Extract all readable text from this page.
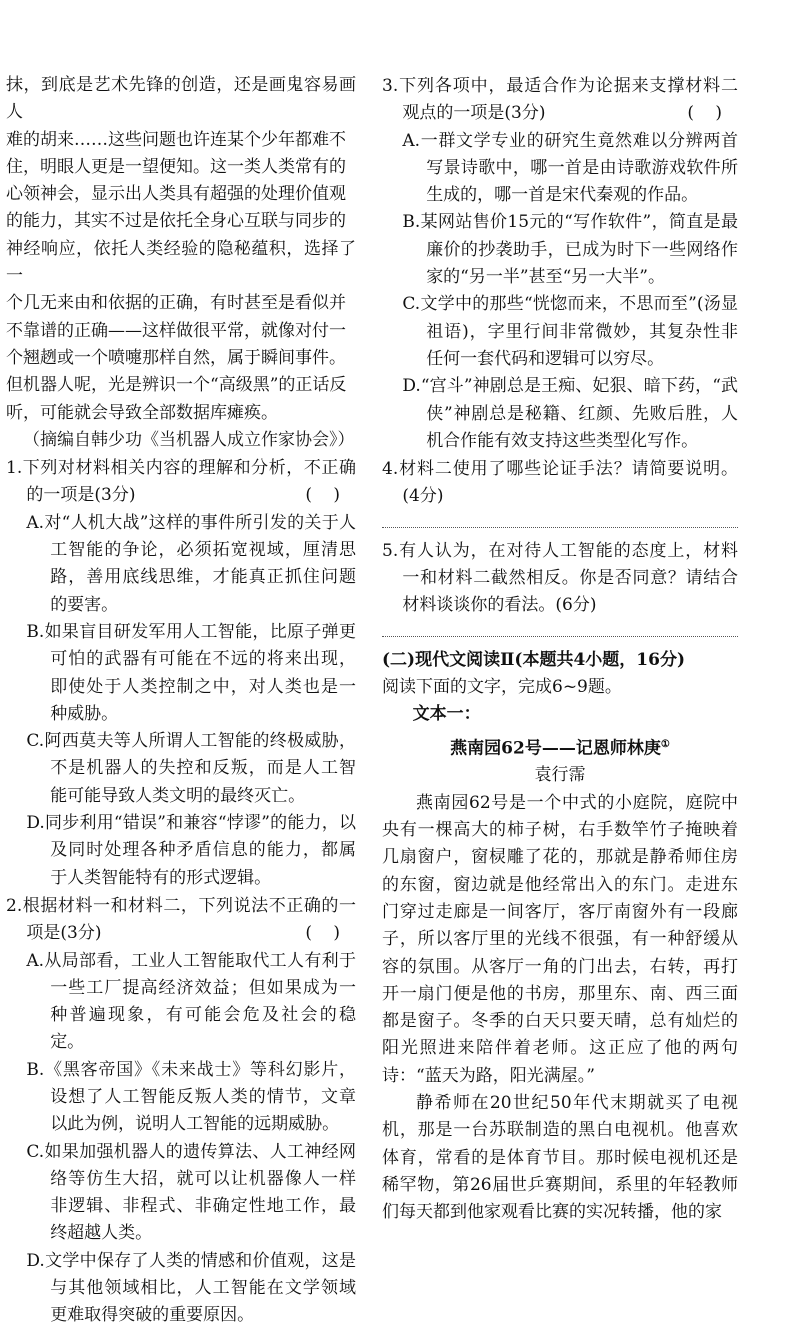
抹，到底是艺术先锋的创造，还是画鬼容易画人

难的胡来……这些问题也许连某个少年都难不

住，明眼人更是一望便知。这一类人类常有的

心领神会，显示出人类具有超强的处理价值观

的能力，其实不过是依托全身心互联与同步的

神经响应，依托人类经验的隐秘蕴积，选择了一

个几无来由和依据的正确，有时甚至是看似并

不靠谱的正确——这样做很平常，就像对付一

个翘趔或一个喷嚏那样自然，属于瞬间事件。

但机器人呢，光是辨识一个“高级黑”的正话反

听，可能就会导致全部数据库瘫痪。

（摘编自韩少功《当机器人成立作家协会》）

1.下列对材料相关内容的理解和分析，不正确的一项是(3分)	( )

A.对“人机大战”这样的事件所引发的关于人工智能的争论，必须拓宽视域，厘清思路，善用底线思维，才能真正抓住问题的要害。

B.如果盲目研发军用人工智能，比原子弹更可怕的武器有可能在不远的将来出现，即使处于人类控制之中，对人类也是一种威胁。

C.阿西莫夫等人所谓人工智能的终极威胁，不是机器人的失控和反叛，而是人工智能可能导致人类文明的最终灭亡。

D.同步利用“错误”和兼容“悖谬”的能力，以及同时处理各种矛盾信息的能力，都属于人类智能特有的形式逻辑。

2.根据材料一和材料二，下列说法不正确的一项是(3分)	( )

A.从局部看，工业人工智能取代工人有利于一些工厂提高经济效益；但如果成为一种普遍现象，有可能会危及社会的稳定。

B.《黑客帝国》《未来战士》等科幻影片，设想了人工智能反叛人类的情节，文章以此为例，说明人工智能的远期威胁。

C.如果加强机器人的遗传算法、人工神经网络等仿生大招，就可以让机器像人一样非逻辑、非程式、非确定性地工作，最终超越人类。

D.文学中保存了人类的情感和价值观，这是与其他领域相比，人工智能在文学领域更难取得突破的重要原因。

3.下列各项中，最适合作为论据来支撑材料二观点的一项是(3分)	( )

A.一群文学专业的研究生竟然难以分辨两首写景诗歌中，哪一首是由诗歌游戏软件所生成的，哪一首是宋代秦观的作品。

B.某网站售价15元的“写作软件”，简直是最廉价的抄袭助手，已成为时下一些网络作家的“另一半”甚至“另一大半”。

C.文学中的那些“恍惚而来，不思而至”(汤显祖语)，字里行间非常微妙，其复杂性非任何一套代码和逻辑可以穷尽。

D.“宫斗”神剧总是王痴、妃狠、暗下药，“武侠”神剧总是秘籍、红颜、先败后胜，人机合作能有效支持这些类型化写作。

4.材料二使用了哪些论证手法？请简要说明。(4分)

5.有人认为，在对待人工智能的态度上，材料一和材料二截然相反。你是否同意？请结合材料谈谈你的看法。(6分)

(二)现代文阅读Ⅱ(本题共4小题，16分)

阅读下面的文字，完成6~9题。

文本一：

燕南园62号——记恩师林庚①

袁行霈

燕南园62号是一个中式的小庭院，庭院中央有一棵高大的柿子树，右手数竿竹子掩映着几扇窗户，窗棂雕了花的，那就是静希师住房的东窗，窗边就是他经常出入的东门。走进东门穿过走廊是一间客厅，客厅南窗外有一段廊子，所以客厅里的光线不很强，有一种舒缓从容的氛围。从客厅一角的门出去，右转，再打开一扇门便是他的书房，那里东、南、西三面都是窗子。冬季的白天只要天晴，总有灿烂的阳光照进来陪伴着老师。这正应了他的两句诗：“蓝天为路，阳光满屋。”

静希师在20世纪50年代末期就买了电视机，那是一台苏联制造的黑白电视机。他喜欢体育，常看的是体育节目。那时候电视机还是稀罕物，第26届世乒赛期间，系里的年轻教师们每天都到他家观看比赛的实况转播，他的家
